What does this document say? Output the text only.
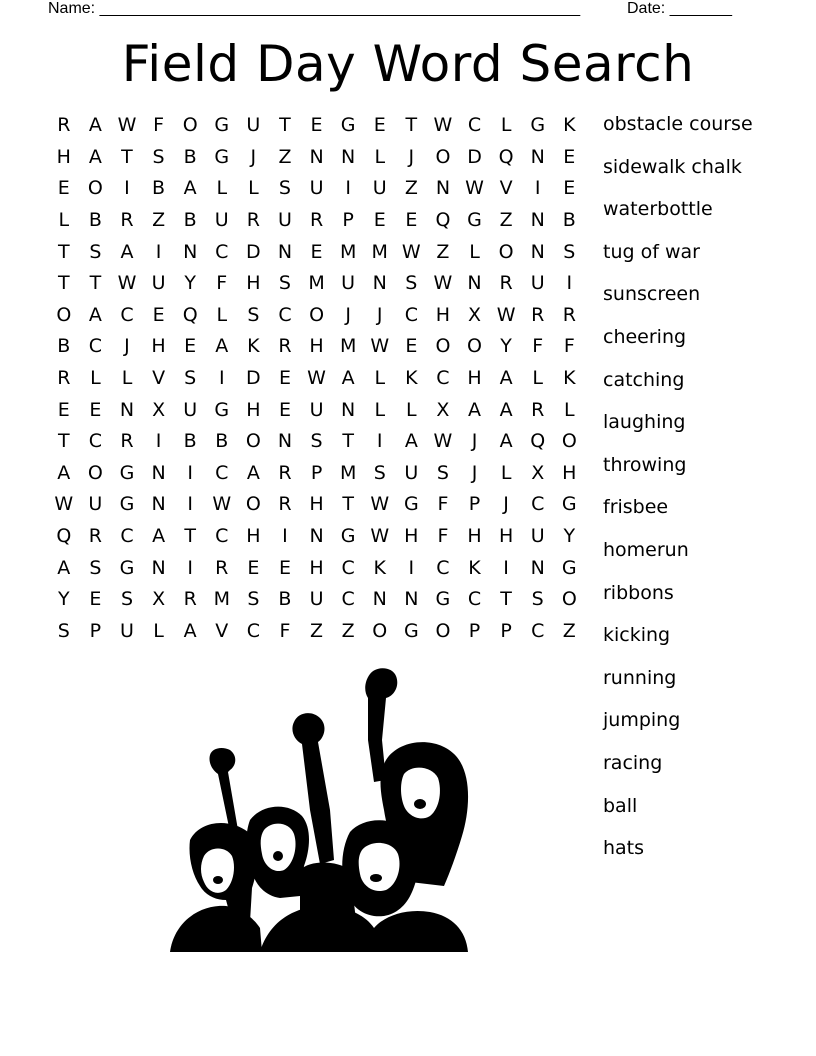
Name: ______________________________________________________	Date: _______
Field Day Word Search
R A W F O G U T	E G E	T W C	L G K
H A	T	S	B G	J	Z N N	L	J	O D Q N E
E O	I	B A	L	L	S U	I	U Z N W V	I	E
L	B R Z B U R U R	P	E	E Q G Z N B
T	S	A	I	N C D N E M M W Z	L O N S
T	T W U Y	F H S M U N S W N R U	I
O A C E Q L	S C O	J	J	C H X W R R
B C	J	H E	A K R H M W E O O Y	F	F
R	L	L	V	S	I	D E W A	L	K C H A	L	K
E	E N X U G H E U N	L	L	X A A R	L
T	C R	I	B B O N S	T	I	A W	J	A Q O
A O G N	I	C A R	P M S U S	J	L	X H
W U G N	I	W O R H T W G F	P	J	C G
Q R C A	T	C H	I	N G W H F H H U Y
A	S G N	I	R E	E H C K	I	C K	I	N G
Y	E	S	X R M S	B U C N N G C	T	S O
S	P U	L	A V C	F	Z Z O G O P	P	C Z
obstacle course
sidewalk chalk
waterbottle
tug of war
sunscreen
cheering
catching
laughing
throwing
frisbee
homerun
ribbons
kicking
running
jumping
racing
ball
hats
